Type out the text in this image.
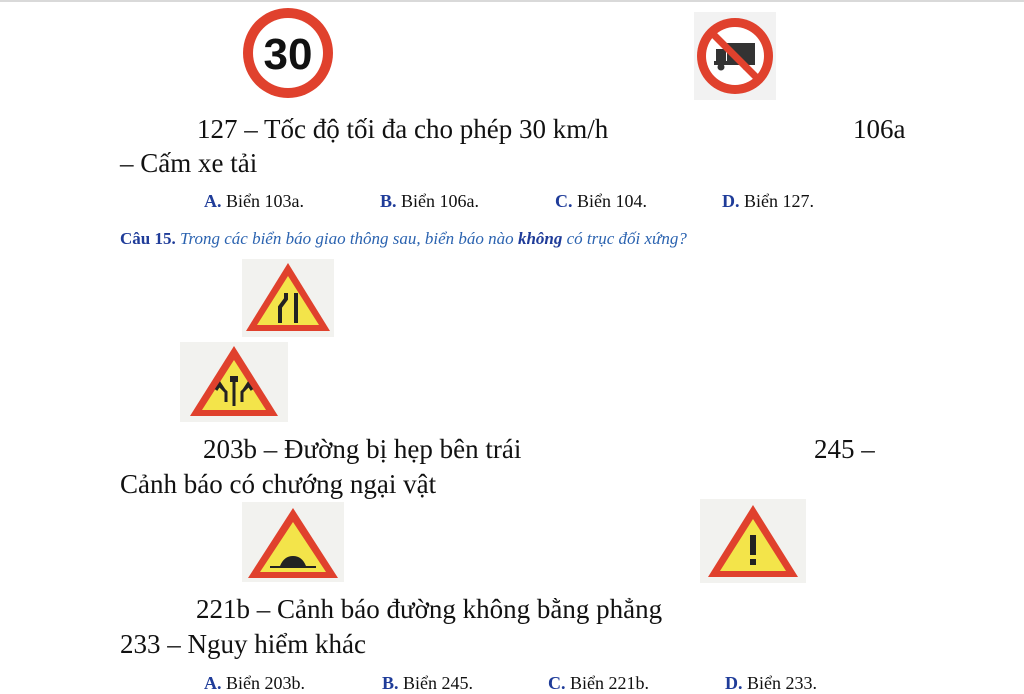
30
127 – Tốc độ tối đa cho phép 30 km/h	106a
– Cấm xe tải
A. Biển 103a.	B. Biển 106a.	C. Biển 104.	D. Biển 127.
Câu 15. Trong các biển báo giao thông sau, biển báo nào không có trục đối xứng?
203b – Đường bị hẹp bên trái	245 –
Cảnh báo có chướng ngại vật
221b – Cảnh báo đường không bằng phẳng
233 – Nguy hiểm khác
A. Biển 203b.	B. Biển 245.	C. Biển 221b.	D. Biển 233.
